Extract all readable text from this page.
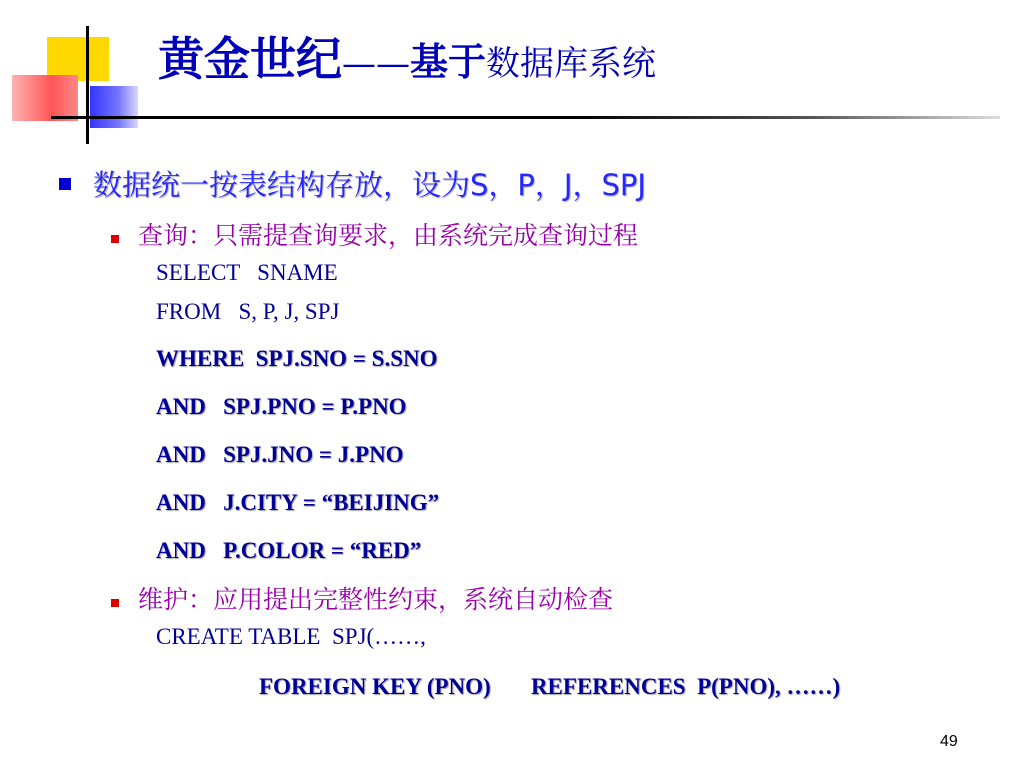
黄金世纪——基于数据库系统
数据统一按表结构存放，设为S，P，J，SPJ
查询：只需提查询要求，由系统完成查询过程
SELECT   SNAME
FROM   S, P, J, SPJ
WHERE  SPJ.SNO = S.SNO
AND   SPJ.PNO = P.PNO
AND   SPJ.JNO = J.PNO
AND   J.CITY = “BEIJING”
AND   P.COLOR = “RED”
维护：应用提出完整性约束，系统自动检查
CREATE TABLE  SPJ(……,
FOREIGN KEY (PNO)       REFERENCES  P(PNO), ……)
49
